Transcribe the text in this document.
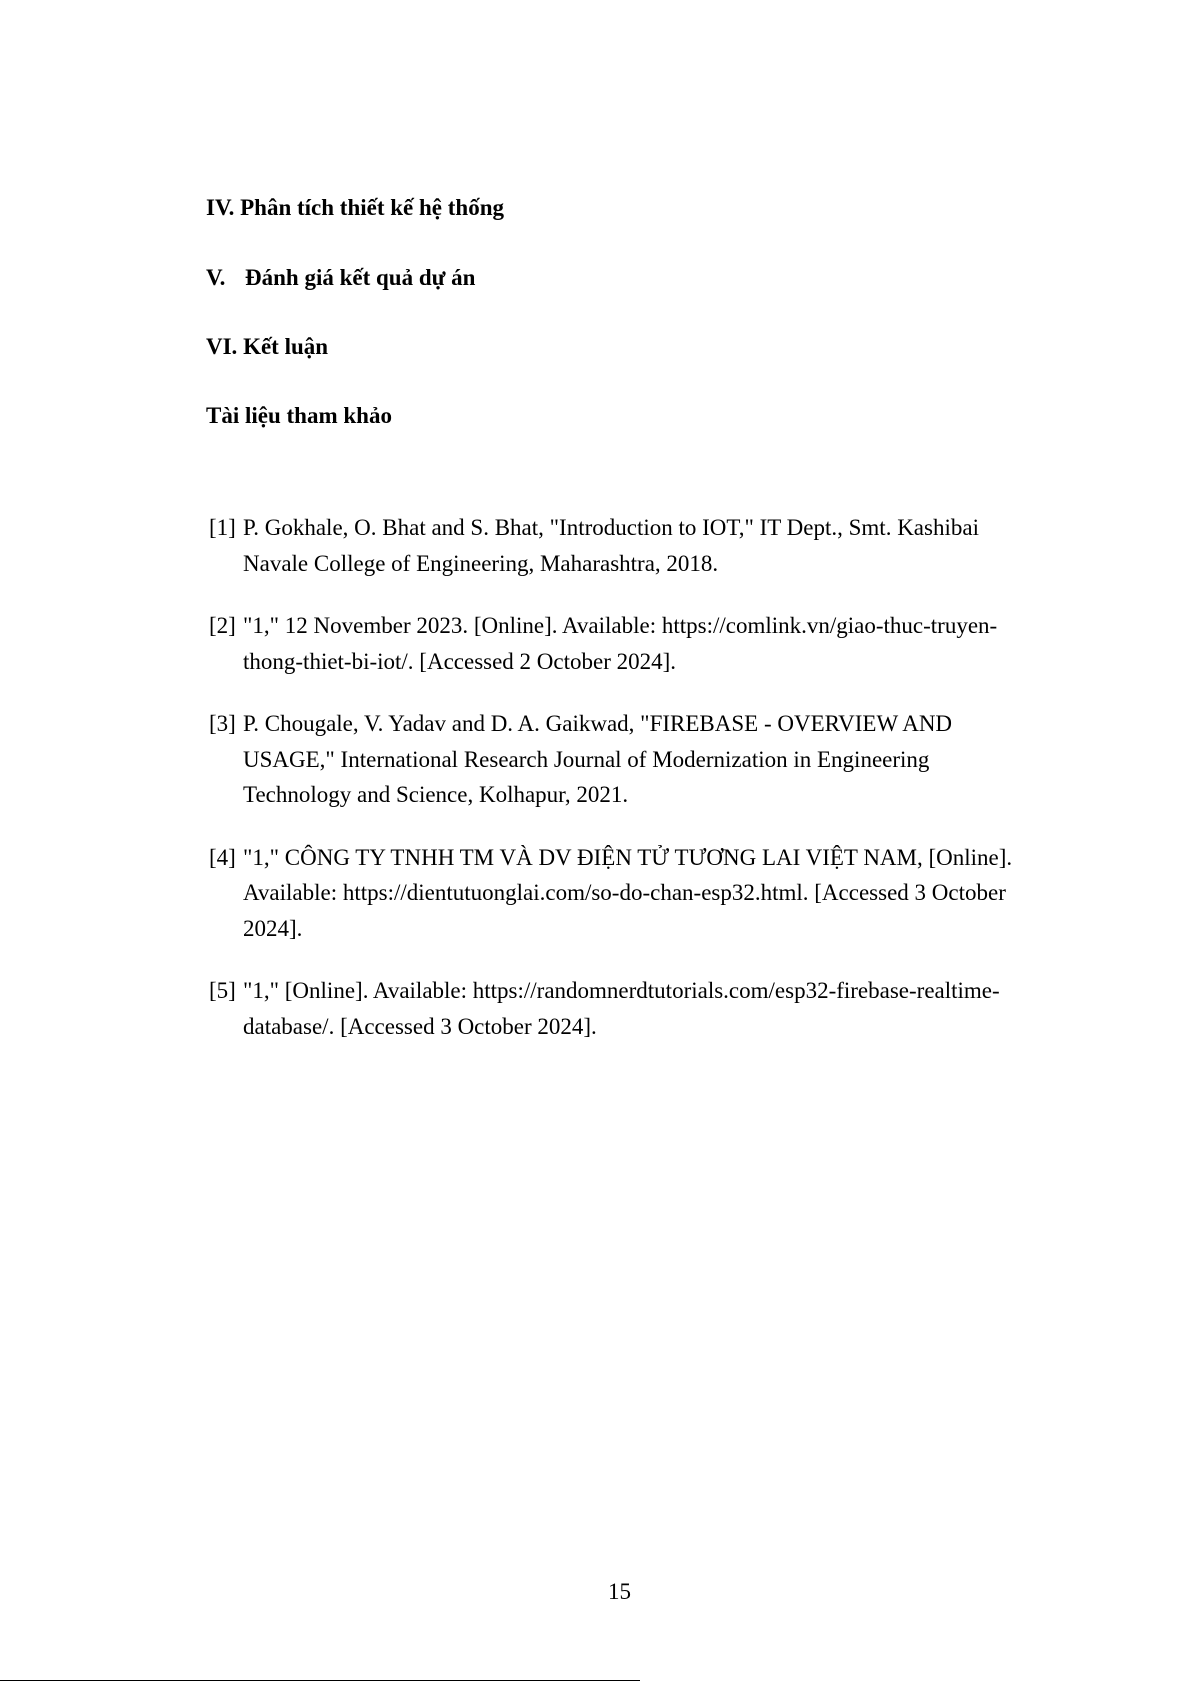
IV. Phân tích thiết kế hệ thống
V. Đánh giá kết quả dự án
VI. Kết luận
Tài liệu tham khảo
[1] P. Gokhale, O. Bhat and S. Bhat, "Introduction to IOT," IT Dept., Smt. Kashibai Navale College of Engineering, Maharashtra, 2018.
[2] "1," 12 November 2023. [Online]. Available: https://comlink.vn/giao-thuc-truyen-thong-thiet-bi-iot/. [Accessed 2 October 2024].
[3] P. Chougale, V. Yadav and D. A. Gaikwad, "FIREBASE - OVERVIEW AND USAGE," International Research Journal of Modernization in Engineering Technology and Science, Kolhapur, 2021.
[4] "1," CÔNG TY TNHH TM VÀ DV ĐIỆN TỬ TƯƠNG LAI VIỆT NAM, [Online]. Available: https://dientutuonglai.com/so-do-chan-esp32.html. [Accessed 3 October 2024].
[5] "1," [Online]. Available: https://randomnerdtutorials.com/esp32-firebase-realtime-database/. [Accessed 3 October 2024].
15
